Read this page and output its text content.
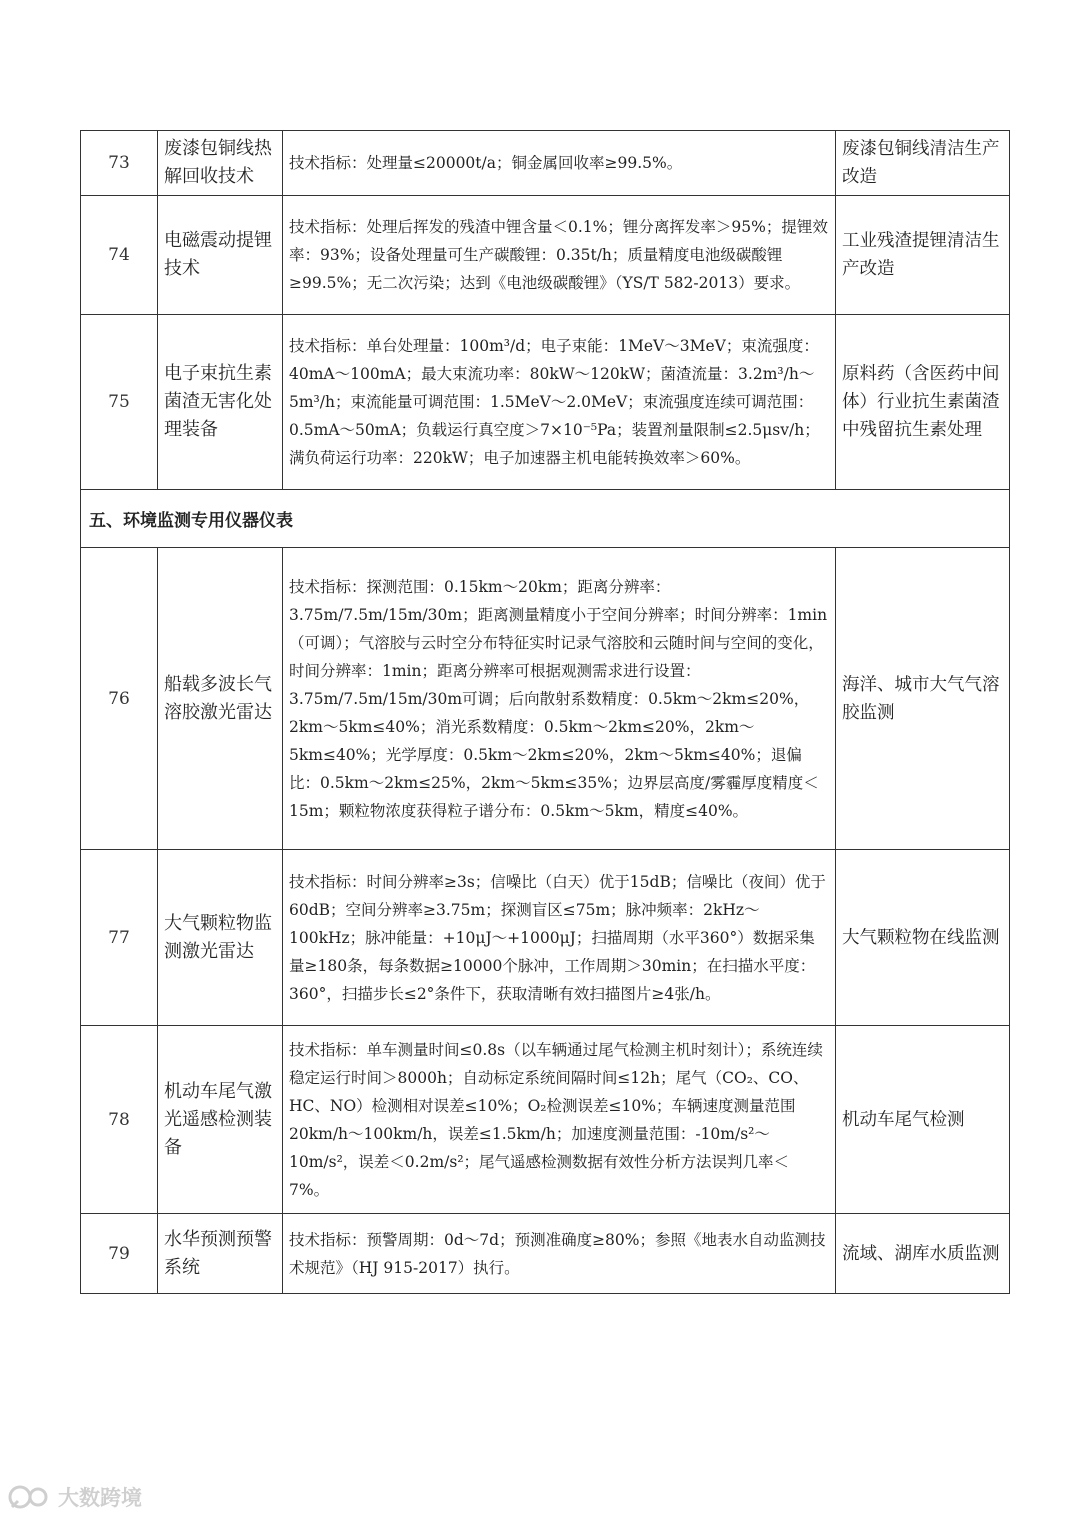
73	废漆包铜线热解回收技术	技术指标：处理量≤20000t/a；铜金属回收率≥99.5%。	废漆包铜线清洁生产改造
74	电磁震动提锂技术	技术指标：处理后挥发的残渣中锂含量＜0.1%；锂分离挥发率＞95%；提锂效率：93%；设备处理量可生产碳酸锂：0.35t/h；质量精度电池级碳酸锂≥99.5%；无二次污染；达到《电池级碳酸锂》（YS/T 582-2013）要求。	工业残渣提锂清洁生产改造
75	电子束抗生素菌渣无害化处理装备	技术指标：单台处理量：100m³/d；电子束能：1MeV～3MeV；束流强度：40mA～100mA；最大束流功率：80kW～120kW；菌渣流量：3.2m³/h～5m³/h；束流能量可调范围：1.5MeV～2.0MeV；束流强度连续可调范围：0.5mA～50mA；负载运行真空度＞7×10⁻⁵Pa；装置剂量限制≤2.5μsv/h；满负荷运行功率：220kW；电子加速器主机电能转换效率＞60%。	原料药（含医药中间体）行业抗生素菌渣中残留抗生素处理
五、环境监测专用仪器仪表			
76	船载多波长气溶胶激光雷达	技术指标：探测范围：0.15km～20km；距离分辨率：3.75m/7.5m/15m/30m；距离测量精度小于空间分辨率；时间分辨率：1min（可调）；气溶胶与云时空分布特征实时记录气溶胶和云随时间与空间的变化，时间分辨率：1min；距离分辨率可根据观测需求进行设置：3.75m/7.5m/15m/30m可调；后向散射系数精度：0.5km～2km≤20%，2km～5km≤40%；消光系数精度：0.5km～2km≤20%，2km～5km≤40%；光学厚度：0.5km～2km≤20%，2km～5km≤40%；退偏比：0.5km～2km≤25%，2km～5km≤35%；边界层高度/雾霾厚度精度＜15m；颗粒物浓度获得粒子谱分布：0.5km～5km，精度≤40%。	海洋、城市大气气溶胶监测
77	大气颗粒物监测激光雷达	技术指标：时间分辨率≥3s；信噪比（白天）优于15dB；信噪比（夜间）优于60dB；空间分辨率≥3.75m；探测盲区≤75m；脉冲频率：2kHz～100kHz；脉冲能量：+10μJ～+1000μJ；扫描周期（水平360°）数据采集量≥180条，每条数据≥10000个脉冲，工作周期＞30min；在扫描水平度：360°，扫描步长≤2°条件下，获取清晰有效扫描图片≥4张/h。	大气颗粒物在线监测
78	机动车尾气激光遥感检测装备	技术指标：单车测量时间≤0.8s（以车辆通过尾气检测主机时刻计）；系统连续稳定运行时间＞8000h；自动标定系统间隔时间≤12h；尾气（CO₂、CO、HC、NO）检测相对误差≤10%；O₂检测误差≤10%；车辆速度测量范围20km/h～100km/h，误差≤1.5km/h；加速度测量范围：-10m/s²～10m/s²，误差＜0.2m/s²；尾气遥感检测数据有效性分析方法误判几率＜7%。	机动车尾气检测
79	水华预测预警系统	技术指标：预警周期：0d～7d；预测准确度≥80%；参照《地表水自动监测技术规范》（HJ 915-2017）执行。	流域、湖库水质监测
大数跨境
